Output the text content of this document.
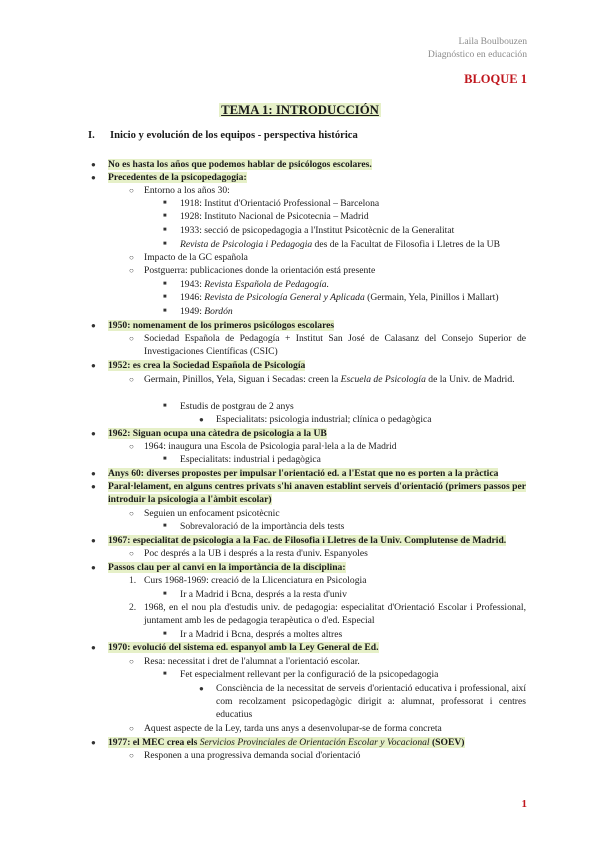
Laila Boulbouzen
Diagnóstico en educación
BLOQUE 1
TEMA 1: INTRODUCCIÓN
I. Inicio y evolución de los equipos - perspectiva histórica
● No es hasta los años que podemos hablar de psicólogos escolares.
● Precedentes de la psicopedagogia:
○ Entorno a los años 30:
■ 1918: Institut d'Orientació Professional – Barcelona
■ 1928: Instituto Nacional de Psicotecnia – Madrid
■ 1933: secció de psicopedagogia a l'Institut Psicotècnic de la Generalitat
■ Revista de Psicologia i Pedagogia des de la Facultat de Filosofia i Lletres de la UB
○ Impacto de la GC española
○ Postguerra: publicaciones donde la orientación está presente
■ 1943: Revista Española de Pedagogía.
■ 1946: Revista de Psicología General y Aplicada (Germain, Yela, Pinillos i Mallart)
■ 1949: Bordón
● 1950: nomenament de los primeros psicólogos escolares
○ Sociedad Española de Pedagogía + Institut San José de Calasanz del Consejo Superior de Investigaciones Científicas (CSIC)
● 1952: es crea la Sociedad Española de Psicología
○ Germain, Pinillos, Yela, Siguan i Secadas: creen la Escuela de Psicología de la Univ. de Madrid.
■ Estudis de postgrau de 2 anys
● Especialitats: psicologia industrial; clínica o pedagògica
● 1962: Siguan ocupa una càtedra de psicologia a la UB
○ 1964: inaugura una Escola de Psicologia paral·lela a la de Madrid
■ Especialitats: industrial i pedagògica
● Anys 60: diverses propostes per impulsar l'orientació ed. a l'Estat que no es porten a la pràctica
● Paral·lelament, en alguns centres privats s'hi anaven establint serveis d'orientació (primers passos per introduir la psicologia a l'àmbit escolar)
○ Seguien un enfocament psicotècnic
■ Sobrevaloració de la importància dels tests
● 1967: especialitat de psicologia a la Fac. de Filosofia i Lletres de la Univ. Complutense de Madrid.
○ Poc després a la UB i després a la resta d'univ. Espanyoles
● Passos clau per al canvi en la importància de la disciplina:
1. Curs 1968-1969: creació de la Llicenciatura en Psicologia
■ Ir a Madrid i Bcna, després a la resta d'univ
2. 1968, en el nou pla d'estudis univ. de pedagogia: especialitat d'Orientació Escolar i Professional, juntament amb les de pedagogia terapèutica o d'ed. Especial
■ Ir a Madrid i Bcna, després a moltes altres
● 1970: evolució del sistema ed. espanyol amb la Ley General de Ed.
○ Resa: necessitat i dret de l'alumnat a l'orientació escolar.
■ Fet especialment rellevant per la configuració de la psicopedagogia
● Consciència de la necessitat de serveis d'orientació educativa i professional, així com recolzament psicopedagògic dirigit a: alumnat, professorat i centres educatius
○ Aquest aspecte de la Ley, tarda uns anys a desenvolupar-se de forma concreta
● 1977: el MEC crea els Servicios Provinciales de Orientación Escolar y Vocacional (SOEV)
○ Responen a una progressiva demanda social d'orientació
1
